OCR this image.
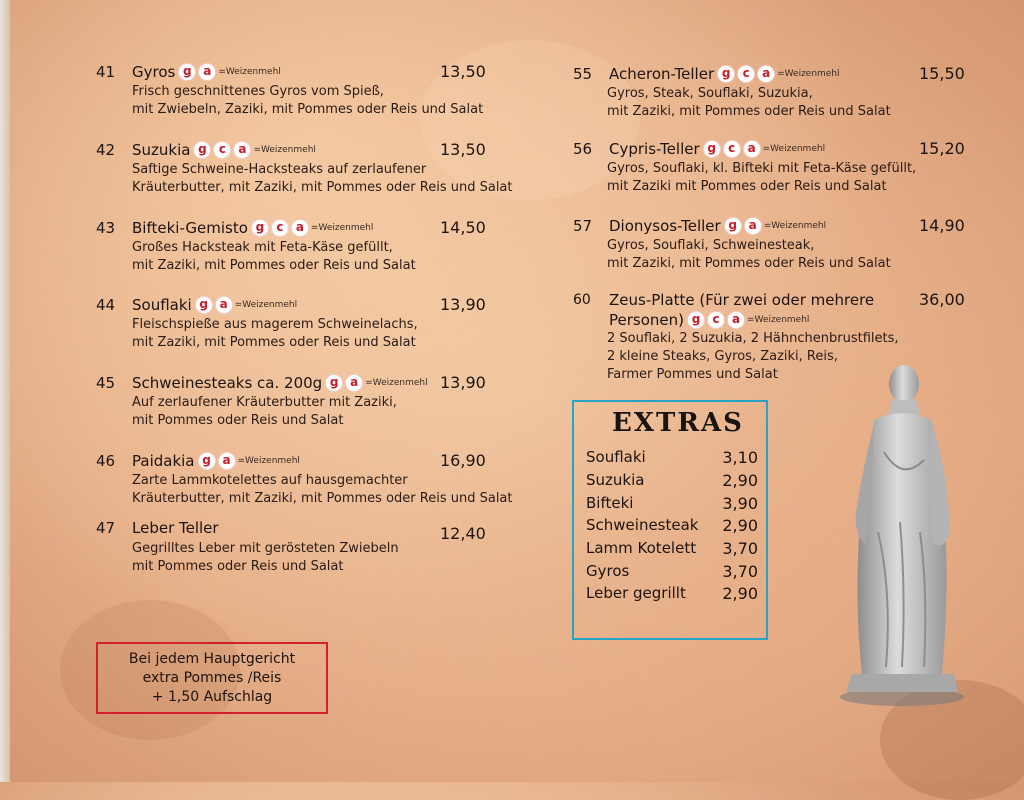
41 Gyros g a $^{=Weizenmehl}$	13,50
Frisch geschnittenes Gyros vom Spieß,
mit Zwiebeln, Zaziki, mit Pommes oder Reis und Salat
42 Suzukia g c a $^{=Weizenmehl}$	13,50
Saftige Schweine-Hacksteaks auf zerlaufener
Kräuterbutter, mit Zaziki, mit Pommes oder Reis und Salat
43 Bifteki-Gemisto g c a $^{=Weizenmehl}$	14,50
Großes Hacksteak mit Feta-Käse gefüllt,
mit Zaziki, mit Pommes oder Reis und Salat
44 Souflaki g a $^{=Weizenmehl}$	13,90
Fleischspieße aus magerem Schweinelachs,
mit Zaziki, mit Pommes oder Reis und Salat
45 Schweinesteaks ca. 200g g a $^{=Weizenmehl}$ 13,90
Auf zerlaufener Kräuterbutter mit Zaziki,
mit Pommes oder Reis und Salat
46 Paidakia g a $^{=Weizenmehl}$	16,90
Zarte Lammkotelettes auf hausgemachter
Kräuterbutter, mit Zaziki, mit Pommes oder Reis und Salat
47 Leber Teller	12,40
Gegrilltes Leber mit gerösteten Zwiebeln
mit Pommes oder Reis und Salat
55 Acheron-Teller g c a $^{=Weizenmehl}$	15,50
Gyros, Steak, Souflaki, Suzukia,
mit Zaziki, mit Pommes oder Reis und Salat
56 Cypris-Teller g c a $^{=Weizenmehl}$	15,20
Gyros, Souflaki, kl. Bifteki mit Feta-Käse gefüllt,
mit Zaziki mit Pommes oder Reis und Salat
57 Dionysos-Teller g a $^{=Weizenmehl}$	14,90
Gyros, Souflaki, Schweinesteak,
mit Zaziki, mit Pommes oder Reis und Salat
60 Zeus-Platte (Für zwei oder mehrere
Personen) g c a $^{=Weizenmehl}$
36,00
2 Souflaki, 2 Suzukia, 2 Hähnchenbrustfilets,
2 kleine Steaks, Gyros, Zaziki, Reis,
Farmer Pommes und Salat
Bei jedem Hauptgericht
extra Pommes /Reis
+ 1,50 Aufschlag
EXTRAS
Souflaki	3,10
Suzukia	2,90
Bifteki	3,90
Schweinesteak 2,90
Lamm Kotelett 3,70
Gyros	3,70
Leber gegrillt 2,90
